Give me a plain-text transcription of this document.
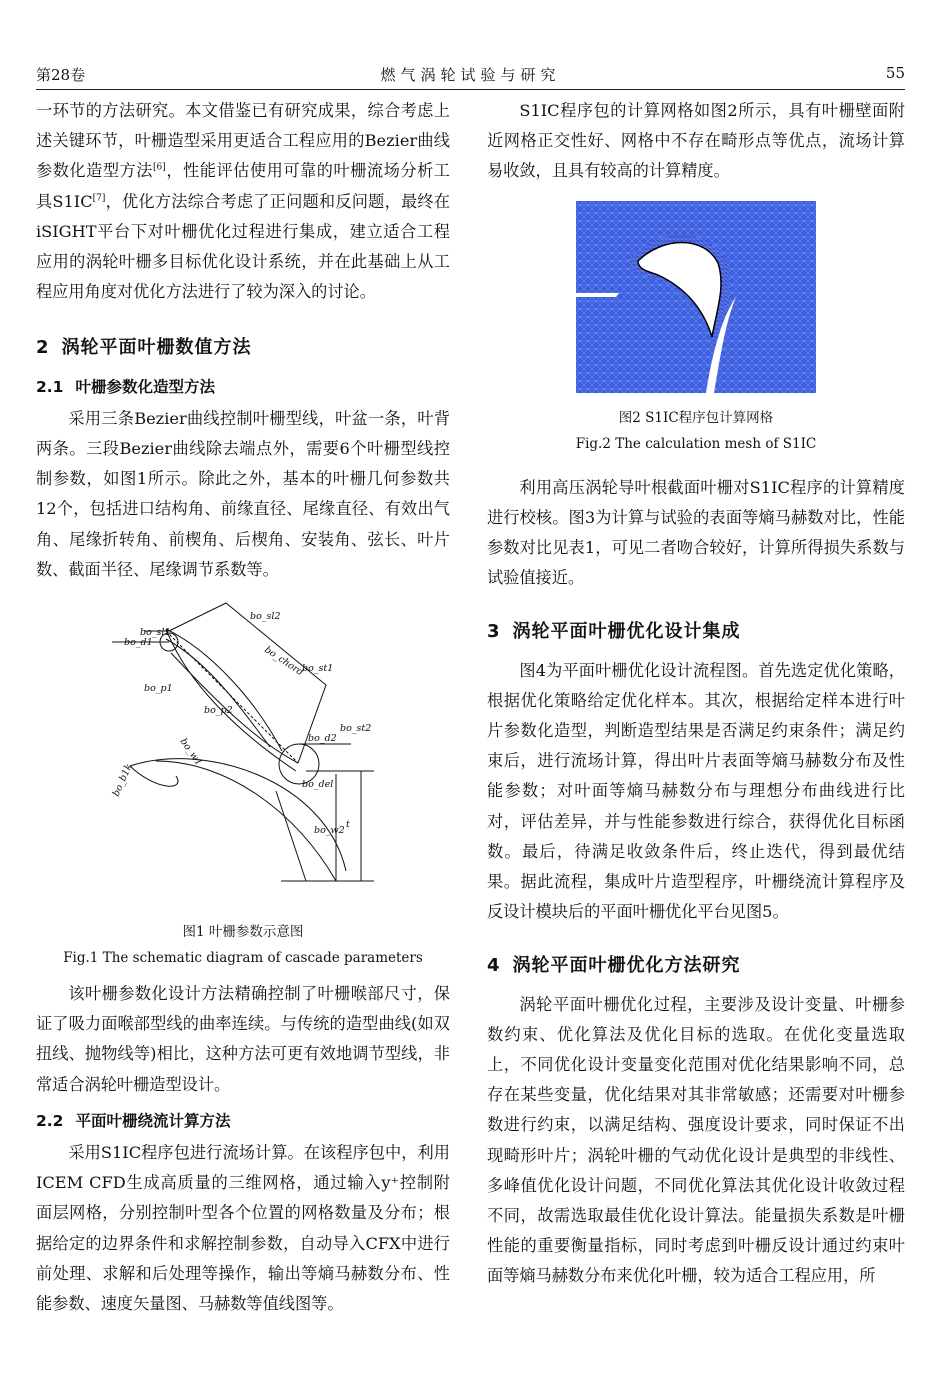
第28卷	燃气涡轮试验与研究	55

一环节的方法研究。本文借鉴已有研究成果，综合考虑上述关键环节，叶栅造型采用更适合工程应用的Bezier曲线参数化造型方法[6]，性能评估使用可靠的叶栅流场分析工具S1IC[7]，优化方法综合考虑了正问题和反问题，最终在iSIGHT平台下对叶栅优化过程进行集成，建立适合工程应用的涡轮叶栅多目标优化设计系统，并在此基础上从工程应用角度对优化方法进行了较为深入的讨论。

2 涡轮平面叶栅数值方法
2.1 叶栅参数化造型方法

采用三条Bezier曲线控制叶栅型线，叶盆一条，叶背两条。三段Bezier曲线除去端点外，需要6个叶栅型线控制参数，如图1所示。除此之外，基本的叶栅几何参数共12个，包括进口结构角、前缘直径、尾缘直径、有效出气角、尾缘折转角、前楔角、后楔角、安装角、弦长、叶片数、截面半径、尾缘调节系数等。

bo_sl1
bo_d1
bo_sl2
bo_chord
bo_st1
bo_p1
bo_p2
bo_st2
bo_d2
bo_b1k
bo_w1
bo_del
bo_w2
t
图1 叶栅参数示意图
Fig.1 The schematic diagram of cascade parameters

该叶栅参数化设计方法精确控制了叶栅喉部尺寸，保证了吸力面喉部型线的曲率连续。与传统的造型曲线(如双扭线、抛物线等)相比，这种方法可更有效地调节型线，非常适合涡轮叶栅造型设计。

2.2 平面叶栅绕流计算方法

采用S1IC程序包进行流场计算。在该程序包中，利用ICEM CFD生成高质量的三维网格，通过输入y⁺控制附面层网格，分别控制叶型各个位置的网格数量及分布；根据给定的边界条件和求解控制参数，自动导入CFX中进行前处理、求解和后处理等操作，输出等熵马赫数分布、性能参数、速度矢量图、马赫数等值线图等。

S1IC程序包的计算网格如图2所示，具有叶栅壁面附近网格正交性好、网格中不存在畸形点等优点，流场计算易收敛，且具有较高的计算精度。

图2 S1IC程序包计算网格
Fig.2 The calculation mesh of S1IC

利用高压涡轮导叶根截面叶栅对S1IC程序的计算精度进行校核。图3为计算与试验的表面等熵马赫数对比，性能参数对比见表1，可见二者吻合较好，计算所得损失系数与试验值接近。

3 涡轮平面叶栅优化设计集成

图4为平面叶栅优化设计流程图。首先选定优化策略，根据优化策略给定优化样本。其次，根据给定样本进行叶片参数化造型，判断造型结果是否满足约束条件；满足约束后，进行流场计算，得出叶片表面等熵马赫数分布及性能参数；对叶面等熵马赫数分布与理想分布曲线进行比对，评估差异，并与性能参数进行综合，获得优化目标函数。最后，待满足收敛条件后，终止迭代，得到最优结果。据此流程，集成叶片造型程序，叶栅绕流计算程序及反设计模块后的平面叶栅优化平台见图5。

4 涡轮平面叶栅优化方法研究

涡轮平面叶栅优化过程，主要涉及设计变量、叶栅参数约束、优化算法及优化目标的选取。在优化变量选取上，不同优化设计变量变化范围对优化结果影响不同，总存在某些变量，优化结果对其非常敏感；还需要对叶栅参数进行约束，以满足结构、强度设计要求，同时保证不出现畸形叶片；涡轮叶栅的气动优化设计是典型的非线性、多峰值优化设计问题，不同优化算法其优化设计收敛过程不同，故需选取最佳优化设计算法。能量损失系数是叶栅性能的重要衡量指标，同时考虑到叶栅反设计通过约束叶面等熵马赫数分布来优化叶栅，较为适合工程应用，所
